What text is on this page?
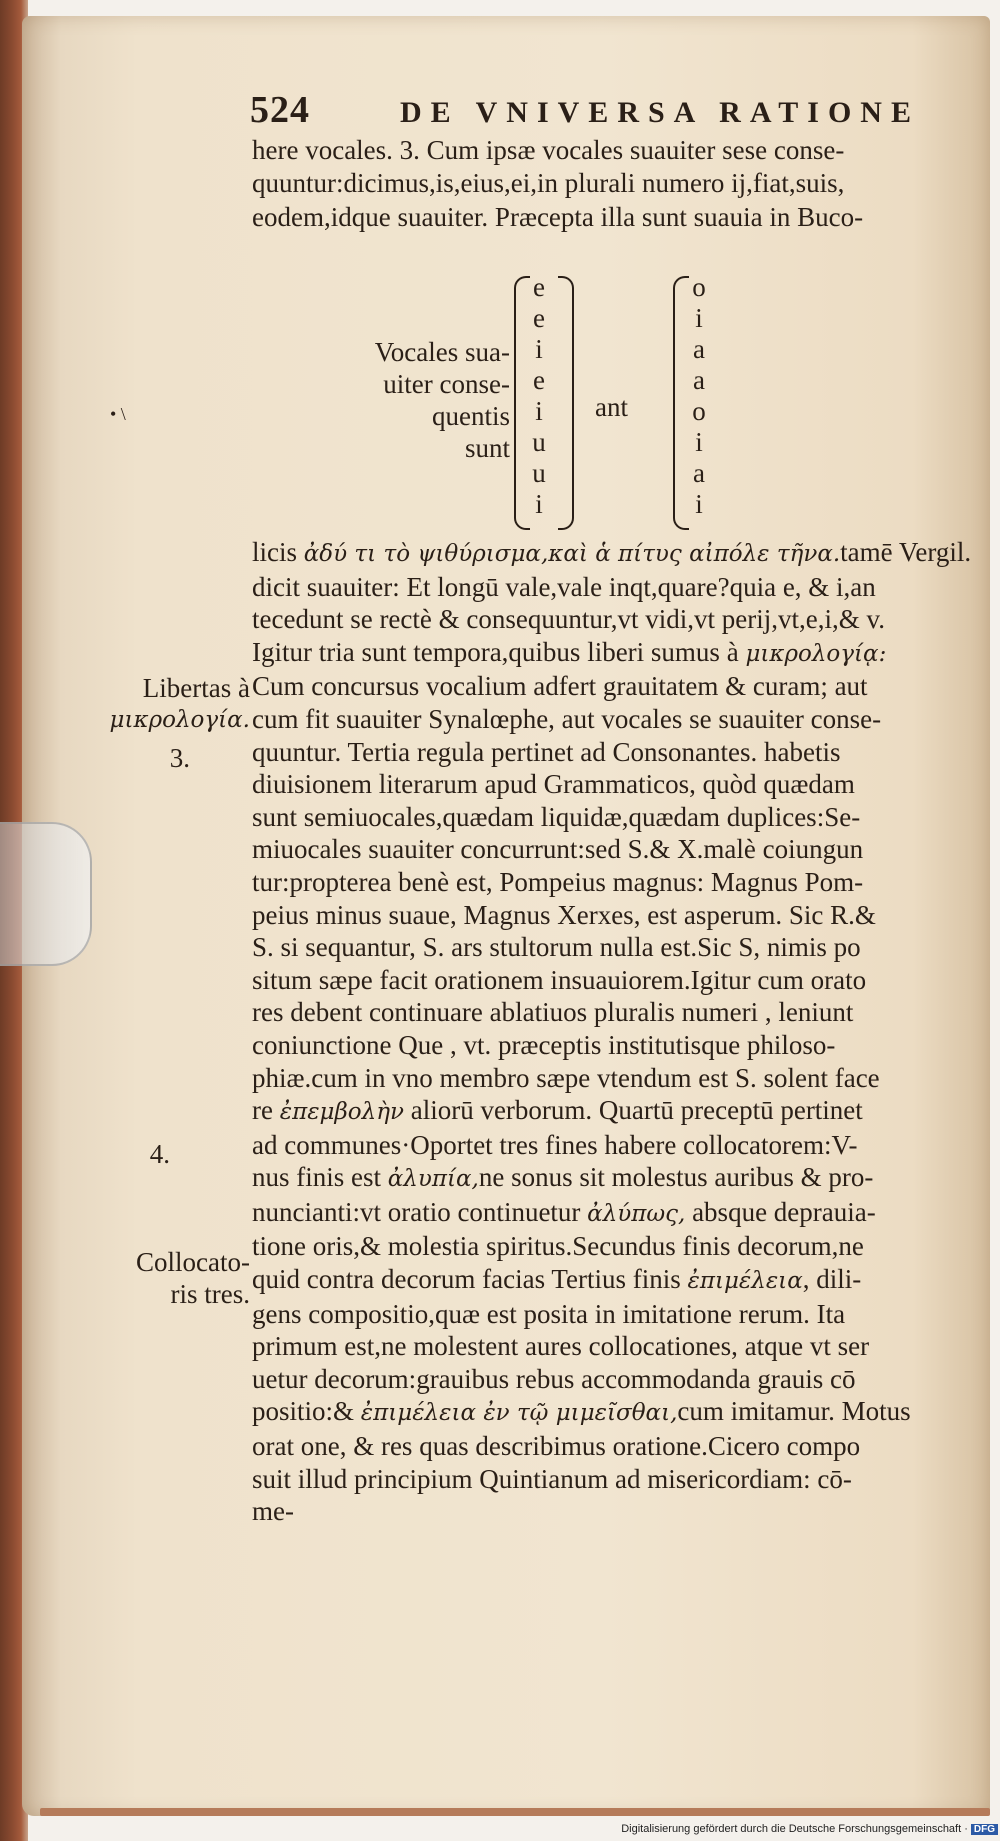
524	DE VNIVERSA RATIONE
here vocales. 3. Cum ipsæ vocales suauiter sese conse-
quuntur:dicimus,is,eius,ei,in plurali numero ij,fiat,suis,
eodem,idque suauiter. Præcepta illa sunt suauia in Buco-
• \
Vocales sua-
uiter conse-
quentis
sunt
e
e
i
e
i
u
u
i
ant
o
i
a
a
o
i
a
i
licis ἀδύ τι τὸ ψιθύρισμα,καὶ ἁ πίτυς αἰπόλε τῆνα.tamē Vergil.
dicit suauiter: Et longū vale,vale inqt,quare?quia e, & i,an
tecedunt se rectè & consequuntur,vt vidi,vt perij,vt,e,i,& v.
Igitur tria sunt tempora,quibus liberi sumus à μικρολογίᾳ:
Cum concursus vocalium adfert grauitatem & curam; aut
cum fit suauiter Synalœphe, aut vocales se suauiter conse-
quuntur. Tertia regula pertinet ad Consonantes. habetis
diuisionem literarum apud Grammaticos, quòd quædam
sunt semiuocales,quædam liquidæ,quædam duplices:Se-
miuocales suauiter concurrunt:sed S.& X.malè coiungun
tur:propterea benè est, Pompeius magnus: Magnus Pom-
peius minus suaue, Magnus Xerxes, est asperum. Sic R.&
S. si sequantur, S. ars stultorum nulla est.Sic S, nimis po
situm sæpe facit orationem insuauiorem.Igitur cum orato
res debent continuare ablatiuos pluralis numeri , leniunt
coniunctione Que , vt. præceptis institutisque philoso-
phiæ.cum in vno membro sæpe vtendum est S. solent face
re ἐπεμβολὴν aliorū verborum. Quartū preceptū pertinet
ad communes·Oportet tres fines habere collocatorem:V-
nus finis est ἀλυπία,ne sonus sit molestus auribus & pro-
nuncianti:vt oratio continuetur ἀλύπως, absque deprauia-
tione oris,& molestia spiritus.Secundus finis decorum,ne
quid contra decorum facias Tertius finis ἐπιμέλεια, dili-
gens compositio,quæ est posita in imitatione rerum. Ita
primum est,ne molestent aures collocationes, atque vt ser
uetur decorum:grauibus rebus accommodanda grauis cō
positio:& ἐπιμέλεια ἐν τῷ μιμεῖσθαι,cum imitamur. Motus
orat one, & res quas describimus oratione.Cicero compo
suit illud principium Quintianum ad misericordiam: cō-
me-
Libertas à
μικρολογία.
3.
4.
Collocato-
ris tres.
Digitalisierung gefördert durch die Deutsche Forschungsgemeinschaft · DFG
